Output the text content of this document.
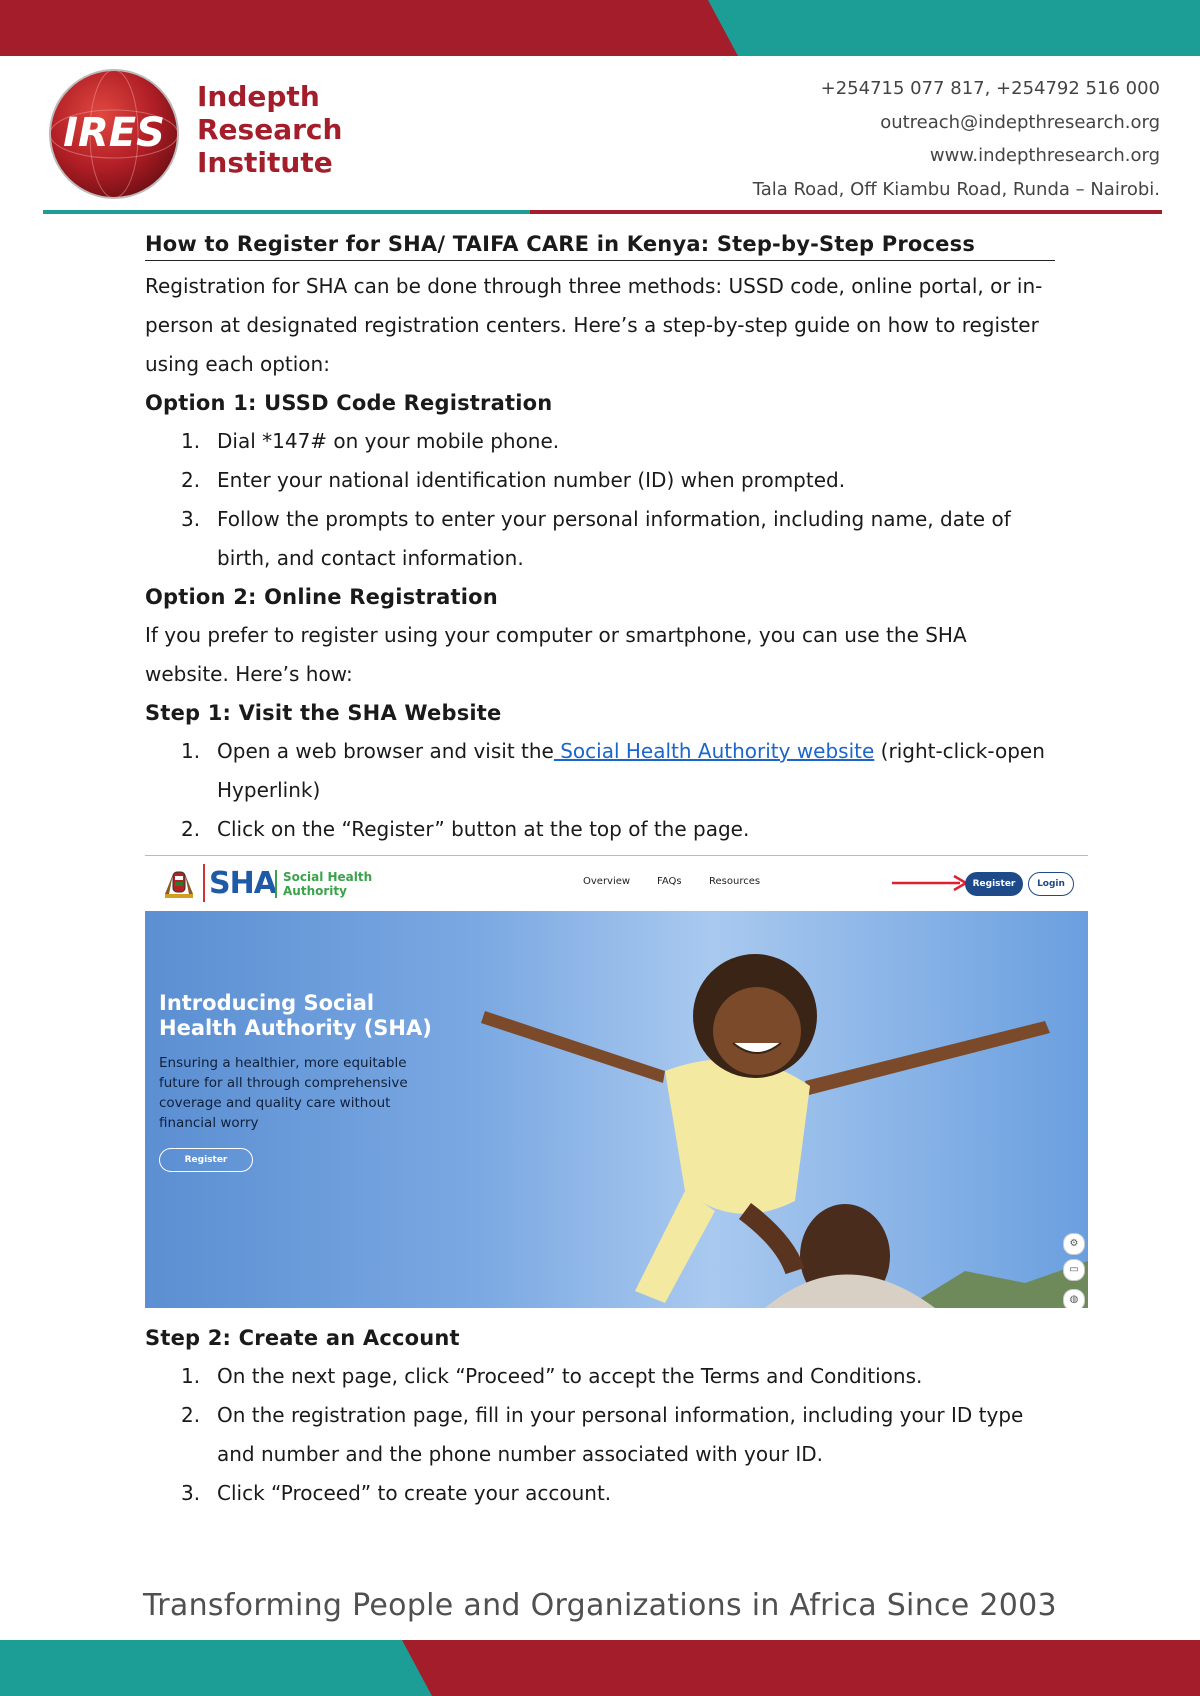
IRES
Indepth
Research
Institute
+254715 077 817, +254792 516 000
outreach@indepthresearch.org
www.indepthresearch.org
Tala Road, Off Kiambu Road, Runda – Nairobi.
How to Register for SHA/ TAIFA CARE in Kenya: Step-by-Step Process

Registration for SHA can be done through three methods: USSD code, online portal, or in-person at designated registration centers. Here’s a step-by-step guide on how to register using each option:

Option 1: USSD Code Registration
1. Dial *147# on your mobile phone.
2. Enter your national identification number (ID) when prompted.
3. Follow the prompts to enter your personal information, including name, date of birth, and contact information.
Option 2: Online Registration

If you prefer to register using your computer or smartphone, you can use the SHA website. Here’s how:

Step 1: Visit the SHA Website
1. Open a web browser and visit the Social Health Authority website (right-click-open Hyperlink)
2. Click on the “Register” button at the top of the page.
SHA Social Health
Authority
Overview	FAQs	Resources	Register	Login
Introducing Social Health Authority (SHA)
Ensuring a healthier, more equitable future for all through comprehensive coverage and quality care without financial worry
Register
⚙
▭
◍
Step 2: Create an Account
1. On the next page, click “Proceed” to accept the Terms and Conditions.
2. On the registration page, fill in your personal information, including your ID type and number and the phone number associated with your ID.
3. Click “Proceed” to create your account.
Transforming People and Organizations in Africa Since 2003
